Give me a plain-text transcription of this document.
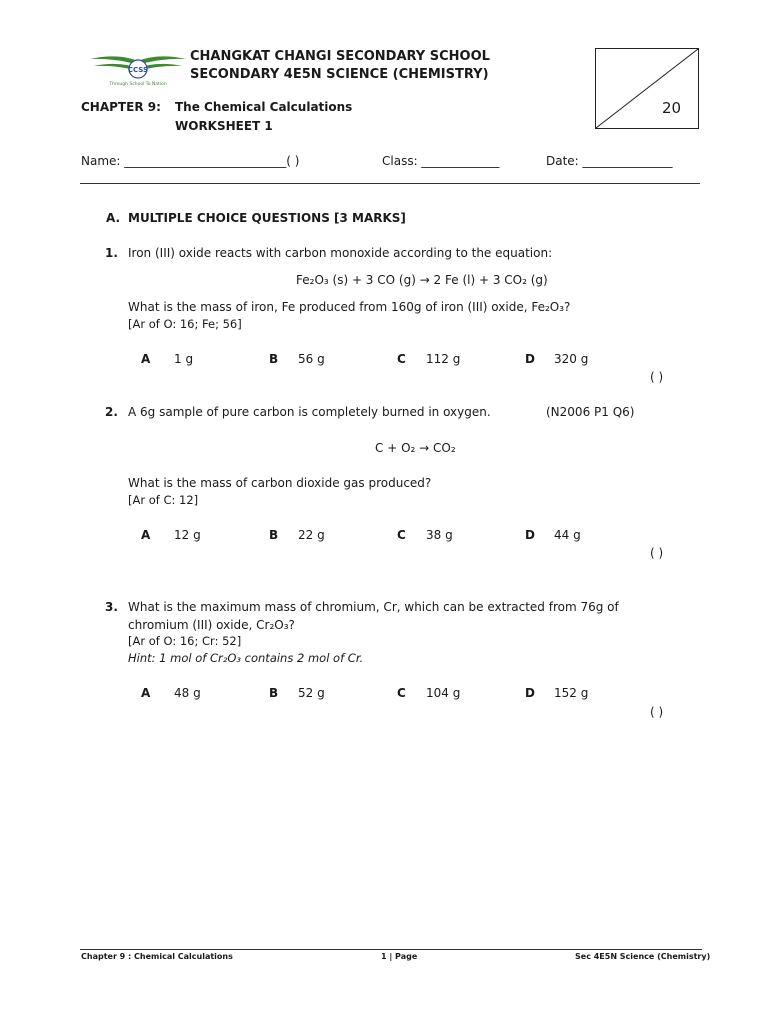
CCSS
Through School To Nation
CHANGKAT CHANGI SECONDARY SCHOOL
SECONDARY 4E5N SCIENCE (CHEMISTRY)
20
CHAPTER 9: The Chemical Calculations
WORKSHEET 1
Name: ___________________________( )	Class: _____________	Date: _______________
A. MULTIPLE CHOICE QUESTIONS [3 MARKS]
1. Iron (III) oxide reacts with carbon monoxide according to the equation:
Fe₂O₃ (s) + 3 CO (g) → 2 Fe (l) + 3 CO₂ (g)
What is the mass of iron, Fe produced from 160g of iron (III) oxide, Fe₂O₃?
[Ar of O: 16; Fe; 56]
A 1 g	B 56 g	C 112 g	D 320 g
( )
2. A 6g sample of pure carbon is completely burned in oxygen.	(N2006 P1 Q6)
C + O₂ → CO₂
What is the mass of carbon dioxide gas produced?
[Ar of C: 12]
A 12 g	B 22 g	C 38 g	D 44 g
( )
3. What is the maximum mass of chromium, Cr, which can be extracted from 76g of
chromium (III) oxide, Cr₂O₃?
[Ar of O: 16; Cr: 52]
Hint: 1 mol of Cr₂O₃ contains 2 mol of Cr.
A 48 g	B 52 g	C 104 g	D 152 g
( )
Chapter 9 : Chemical Calculations	1 | Page	Sec 4E5N Science (Chemistry)
